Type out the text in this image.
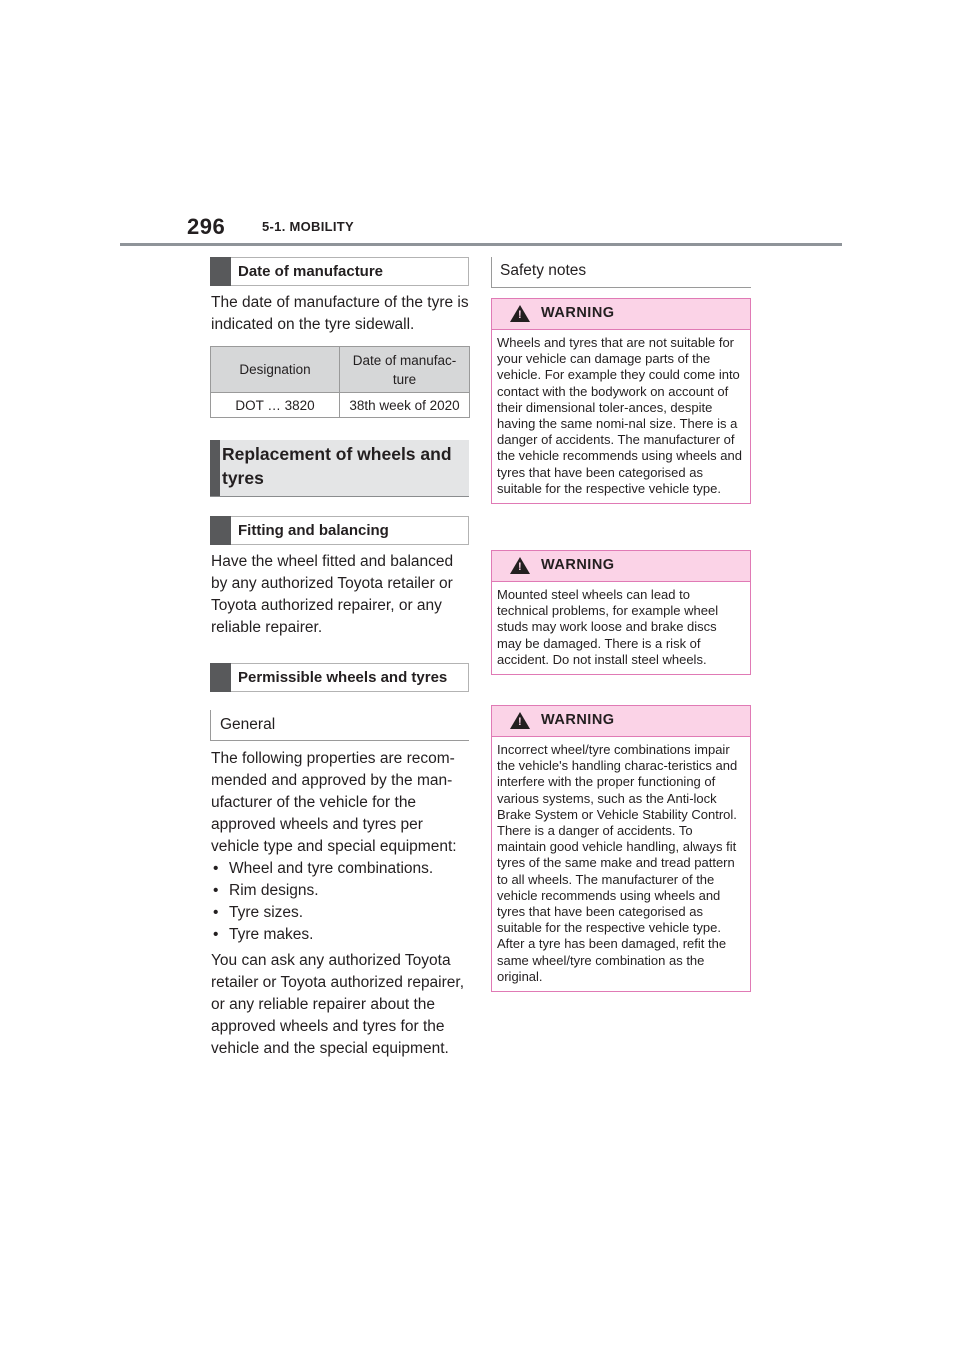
296	5-1. MOBILITY
Date of manufacture
The date of manufacture of the tyre is indicated on the tyre sidewall.
Designation	Date of manufac-
ture
DOT … 3820	38th week of 2020
Replacement of wheels and tyres
Fitting and balancing
Have the wheel fitted and balanced by any authorized Toyota retailer or Toyota authorized repairer, or any reliable repairer.
Permissible wheels and tyres
General
The following properties are recom-mended and approved by the man-ufacturer of the vehicle for the approved wheels and tyres per vehicle type and special equipment:
• Wheel and tyre combinations.
• Rim designs.
• Tyre sizes.
• Tyre makes.
You can ask any authorized Toyota retailer or Toyota authorized repairer, or any reliable repairer about the approved wheels and tyres for the vehicle and the special equipment.
Safety notes
! WARNING
Wheels and tyres that are not suitable for your vehicle can damage parts of the vehicle. For example they could come into contact with the bodywork on account of their dimensional toler-ances, despite having the same nomi-nal size. There is a danger of accidents. The manufacturer of the vehicle recommends using wheels and tyres that have been categorised as suitable for the respective vehicle type.
! WARNING
Mounted steel wheels can lead to technical problems, for example wheel studs may work loose and brake discs may be damaged. There is a risk of accident. Do not install steel wheels.
! WARNING
Incorrect wheel/tyre combinations impair the vehicle's handling charac-teristics and interfere with the proper functioning of various systems, such as the Anti-lock Brake System or Vehicle Stability Control. There is a danger of accidents. To maintain good vehicle handling, always fit tyres of the same make and tread pattern to all wheels. The manufacturer of the vehicle recommends using wheels and tyres that have been categorised as suitable for the respective vehicle type. After a tyre has been damaged, refit the same wheel/tyre combination as the original.
